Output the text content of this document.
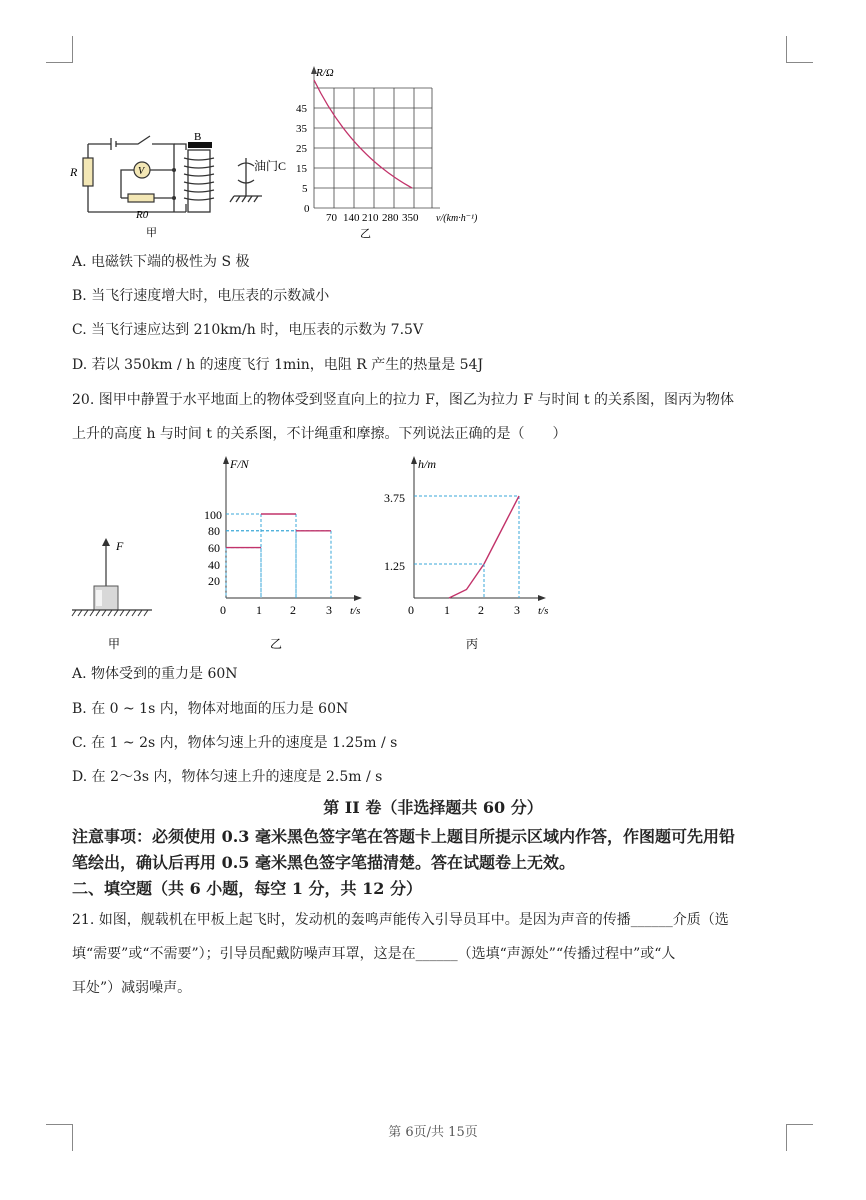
R	V
R0
B
油门C
甲
R/Ω
45
35
25
15
5
0
70 140 210 280 350 v/(km·h⁻¹)
乙
A. 电磁铁下端的极性为 S 极
B. 当飞行速度增大时，电压表的示数减小
C. 当飞行速应达到 210km/h 时，电压表的示数为 7.5V
D. 若以 350km / h 的速度飞行 1min，电阻 R 产生的热量是 54J
20. 图甲中静置于水平地面上的物体受到竖直向上的拉力 F，图乙为拉力 F 与时间 t 的关系图，图丙为物体
上升的高度 h 与时间 t 的关系图，不计绳重和摩擦。下列说法正确的是（　　）
F
甲
F/N
100
80
60
40
20
0	1 2	3 t/s
乙
h/m
3.75
1.25
0	1 2	3 t/s
丙
A. 物体受到的重力是 60N
B. 在 0 ~ 1s 内，物体对地面的压力是 60N
C. 在 1 ~ 2s 内，物体匀速上升的速度是 1.25m / s
D. 在 2～3s 内，物体匀速上升的速度是 2.5m / s
第 II 卷（非选择题共 60 分）
注意事项：必须使用 0.3 毫米黑色签字笔在答题卡上题目所提示区域内作答，作图题可先用铅
笔绘出，确认后再用 0.5 毫米黑色签字笔描清楚。答在试题卷上无效。
二、填空题（共 6 小题，每空 1 分，共 12 分）
21. 如图，舰载机在甲板上起飞时，发动机的轰鸣声能传入引导员耳中。是因为声音的传播______介质（选
填“需要”或“不需要”）；引导员配戴防噪声耳罩，这是在______（选填“声源处”“传播过程中”或“人
耳处”）减弱噪声。
第 6页/共 15页
